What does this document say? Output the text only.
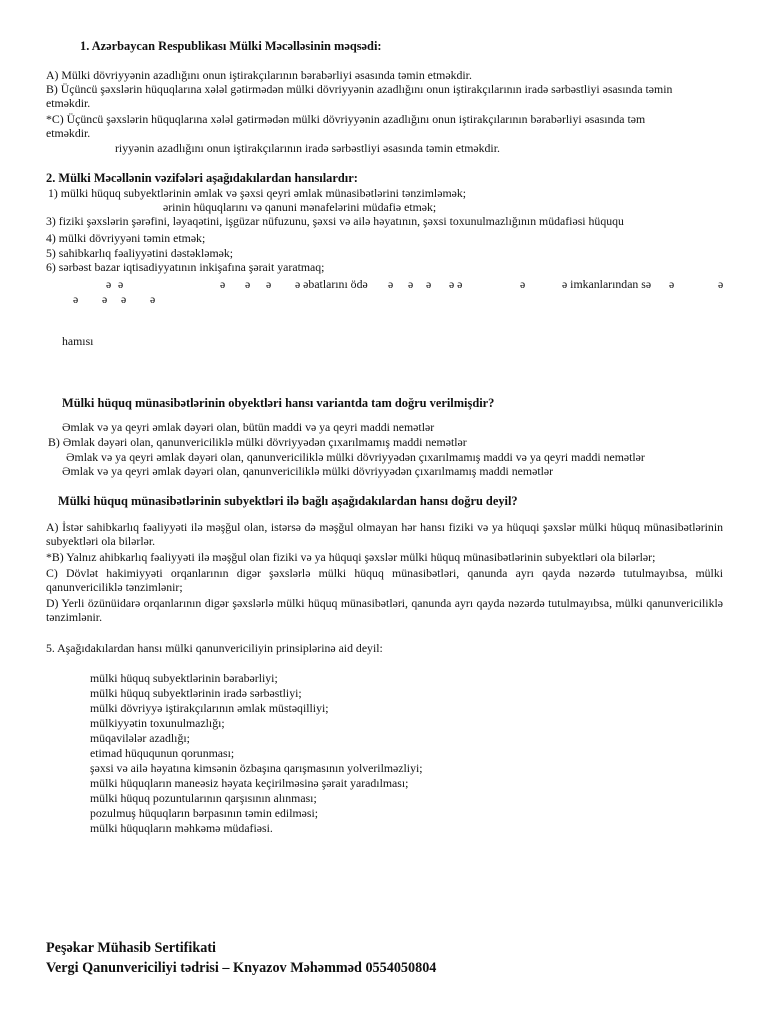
1. Azərbaycan Respublikası Mülki Məcəlləsinin məqsədi:
A) Mülki dövriyyənin azadlığını onun iştirakçılarının bərabərliyi əsasında təmin etməkdir.
B) Üçüncü şəxslərin hüquqlarına xələl gətirmədən mülki dövriyyənin azadlığını onun iştirakçılarının iradə sərbəstliyi əsasında təmin
etməkdir.
*C) Üçüncü şəxslərin hüquqlarına xələl gətirmədən mülki dövriyyənin azadlığını onun iştirakçılarının bərabərliyi əsasında təm
etməkdir.
riyyənin azadlığını onun iştirakçılarının iradə sərbəstliyi əsasında təmin etməkdir.
2. Mülki Məcəllənin vəzifələri aşağıdakılardan hansılardır:
1) mülki hüquq subyektlərinin əmlak və şəxsi qeyri əmlak münasibətlərini tənzimləmək;
ərinin hüquqlarını və qanuni mənafelərini müdafiə etmək;
3) fiziki şəxslərin şərəfini, ləyaqətini, işgüzar nüfuzunu, şəxsi və ailə həyatının, şəxsi toxunulmazlığının müdafiəsi hüququ
4) mülki dövriyyəni təmin etmək;
5) sahibkarlıq fəaliyyətini dəstəkləmək;
6) sərbəst bazar iqtisadiyyatının inkişafına şərait yaratmaq;
ə ə	ə ə ə ə əbatlarını ödə ə ə ə ə ə	ə	ə imkanlarından sə ə	ə
ə ə ə ə
hamısı
Mülki hüquq münasibətlərinin obyektləri hansı variantda tam doğru verilmişdir?
Əmlak və ya qeyri əmlak dəyəri olan, bütün maddi və ya qeyri maddi nemətlər
B) Əmlak dəyəri olan, qanunvericiliklə mülki dövriyyədən çıxarılmamış maddi nemətlər
Əmlak və ya qeyri əmlak dəyəri olan, qanunvericiliklə mülki dövriyyədən çıxarılmamış maddi və ya qeyri maddi nemətlər
Əmlak və ya qeyri əmlak dəyəri olan, qanunvericiliklə mülki dövriyyədən çıxarılmamış maddi nemətlər
Mülki hüquq münasibətlərinin subyektləri ilə bağlı aşağıdakılardan hansı doğru deyil?
A) İstər sahibkarlıq fəaliyyəti ilə məşğul olan, istərsə də məşğul olmayan hər hansı fiziki və ya hüquqi şəxslər mülki hüquq münasibətlərinin subyektləri ola bilərlər.
*B) Yalnız ahibkarlıq fəaliyyəti ilə məşğul olan fiziki və ya hüquqi şəxslər mülki hüquq münasibətlərinin subyektləri ola bilərlər;
C) Dövlət hakimiyyəti orqanlarının digər şəxslərlə mülki hüquq münasibətləri, qanunda ayrı qayda nəzərdə tutulmayıbsa, mülki qanunvericiliklə tənzimlənir;
D) Yerli özünüidarə orqanlarının digər şəxslərlə mülki hüquq münasibətləri, qanunda ayrı qayda nəzərdə tutulmayıbsa, mülki qanunvericiliklə tənzimlənir.
5. Aşağıdakılardan hansı mülki qanunvericiliyin prinsiplərinə aid deyil:
mülki hüquq subyektlərinin bərabərliyi;
mülki hüquq subyektlərinin iradə sərbəstliyi;
mülki dövriyyə iştirakçılarının əmlak müstəqilliyi;
mülkiyyətin toxunulmazlığı;
müqavilələr azadlığı;
etimad hüququnun qorunması;
şəxsi və ailə həyatına kimsənin özbaşına qarışmasının yolverilməzliyi;
mülki hüquqların maneəsiz həyata keçirilməsinə şərait yaradılması;
mülki hüquq pozuntularının qarşısının alınması;
pozulmuş hüquqların bərpasının təmin edilməsi;
mülki hüquqların məhkəmə müdafiəsi.
Peşəkar Mühasib Sertifikati
Vergi Qanunvericiliyi tədrisi – Knyazov Məhəmməd 0554050804
